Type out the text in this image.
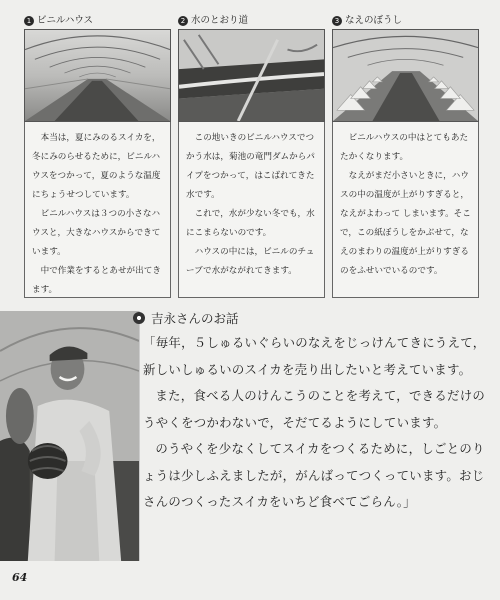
1 ビニルハウス

本当は，夏にみのるスイカを，冬にみのらせるために，ビニルハウスをつかって，夏のような温度にちょうせつしています。

ビニルハウスは３つの小さなハウスと，大きなハウスからできています。

中で作業をするとあせが出てきます。

2 水のとおり道

この地いきのビニルハウスでつかう水は，菊池の竜門ダムからパイプをつかって，はこばれてきた水です。

これで，水が少ない冬でも，水にこまらないのです。

ハウスの中には，ビニルのチューブで水がながれてきます。

3 なえのぼうし

ビニルハウスの中はとてもあたたかくなります。

なえがまだ小さいときに，ハウスの中の温度が上がりすぎると，なえがよわって しまいます。そこで，この紙ぼうしをかぶせて，なえのまわりの温度が上がりすぎるのをふせいでいるのです。

吉永さんのお話

「毎年，５しゅるいぐらいのなえをじっけんてきにうえて，新しいしゅるいのスイカを売り出したいと考えています。

また，食べる人のけんこうのことを考えて，できるだけのうやくをつかわないで，そだてるようにしています。

のうやくを少なくしてスイカをつくるために，しごとのりょうは少しふえましたが，がんばってつくっています。おじさんのつくったスイカをいちど食べてごらん。」

64
